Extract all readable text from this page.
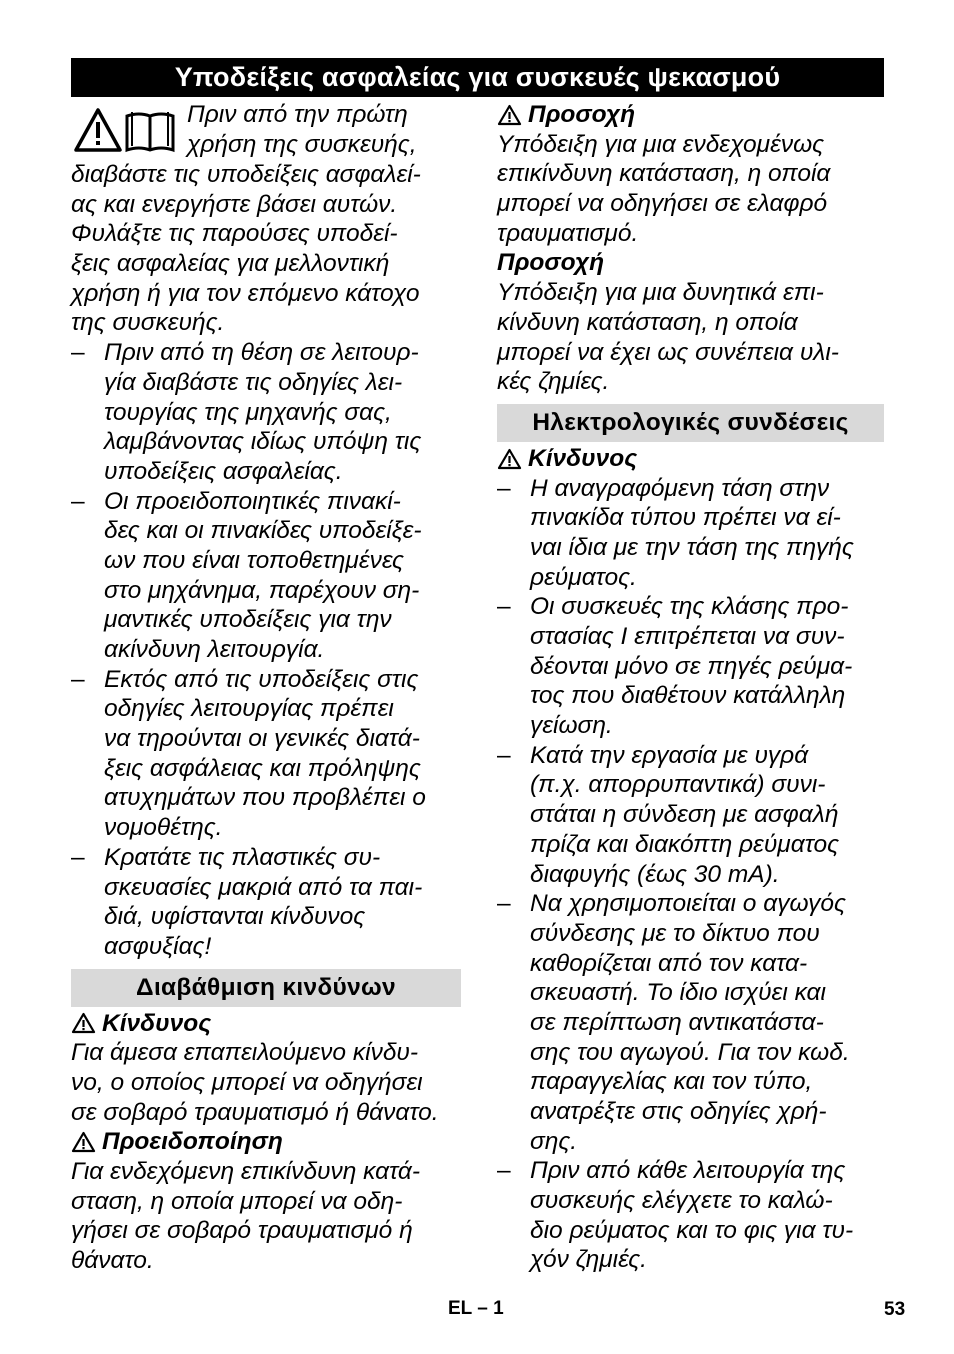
Υποδείξεις ασφαλείας για συσκευές ψεκασμού
Πριν από την πρώτη
χρήση της συσκευής,
διαβάστε τις υποδείξεις ασφαλεί-
ας και ενεργήστε βάσει αυτών.
Φυλάξτε τις παρούσες υποδεί-
ξεις ασφαλείας για μελλοντική
χρήση ή για τον επόμενο κάτοχο
της συσκευής.
– Πριν από τη θέση σε λειτουρ-
γία διαβάστε τις οδηγίες λει-
τουργίας της μηχανής σας,
λαμβάνοντας ιδίως υπόψη τις
υποδείξεις ασφαλείας.
– Οι προειδοποιητικές πινακί-
δες και οι πινακίδες υποδείξε-
ων που είναι τοποθετημένες
στο μηχάνημα, παρέχουν ση-
μαντικές υποδείξεις για την
ακίνδυνη λειτουργία.
– Εκτός από τις υποδείξεις στις
οδηγίες λειτουργίας πρέπει
να τηρούνται οι γενικές διατά-
ξεις ασφάλειας και πρόληψης
ατυχημάτων που προβλέπει ο
νομοθέτης.
– Κρατάτε τις πλαστικές συ-
σκευασίες μακριά από τα παι-
διά, υφίστανται κίνδυνος
ασφυξίας!
Διαβάθμιση κινδύνων
Κίνδυνος
Για άμεσα επαπειλούμενο κίνδυ-
νο, ο οποίος μπορεί να οδηγήσει
σε σοβαρό τραυματισμό ή θάνατο.
Προειδοποίηση
Για ενδεχόμενη επικίνδυνη κατά-
σταση, η οποία μπορεί να οδη-
γήσει σε σοβαρό τραυματισμό ή
θάνατο.
Προσοχή
Υπόδειξη για μια ενδεχομένως
επικίνδυνη κατάσταση, η οποία
μπορεί να οδηγήσει σε ελαφρό
τραυματισμό.
Προσοχή
Υπόδειξη για μια δυνητικά επι-
κίνδυνη κατάσταση, η οποία
μπορεί να έχει ως συνέπεια υλι-
κές ζημίες.
Ηλεκτρολογικές συνδέσεις
Κίνδυνος
– Η αναγραφόμενη τάση στην
πινακίδα τύπου πρέπει να εί-
ναι ίδια με την τάση της πηγής
ρεύματος.
– Οι συσκευές της κλάσης προ-
στασίας I επιτρέπεται να συν-
δέονται μόνο σε πηγές ρεύμα-
τος που διαθέτουν κατάλληλη
γείωση.
– Κατά την εργασία με υγρά
(π.χ. απορρυπαντικά) συνι-
στάται η σύνδεση με ασφαλή
πρίζα και διακόπτη ρεύματος
διαφυγής (έως 30 mA).
– Να χρησιμοποιείται ο αγωγός
σύνδεσης με το δίκτυο που
καθορίζεται από τον κατα-
σκευαστή. Το ίδιο ισχύει και
σε περίπτωση αντικατάστα-
σης του αγωγού. Για τον κωδ.
παραγγελίας και τον τύπο,
ανατρέξτε στις οδηγίες χρή-
σης.
– Πριν από κάθε λειτουργία της
συσκευής ελέγχετε το καλώ-
διο ρεύματος και το φις για τυ-
χόν ζημιές.
EL – 1	53
